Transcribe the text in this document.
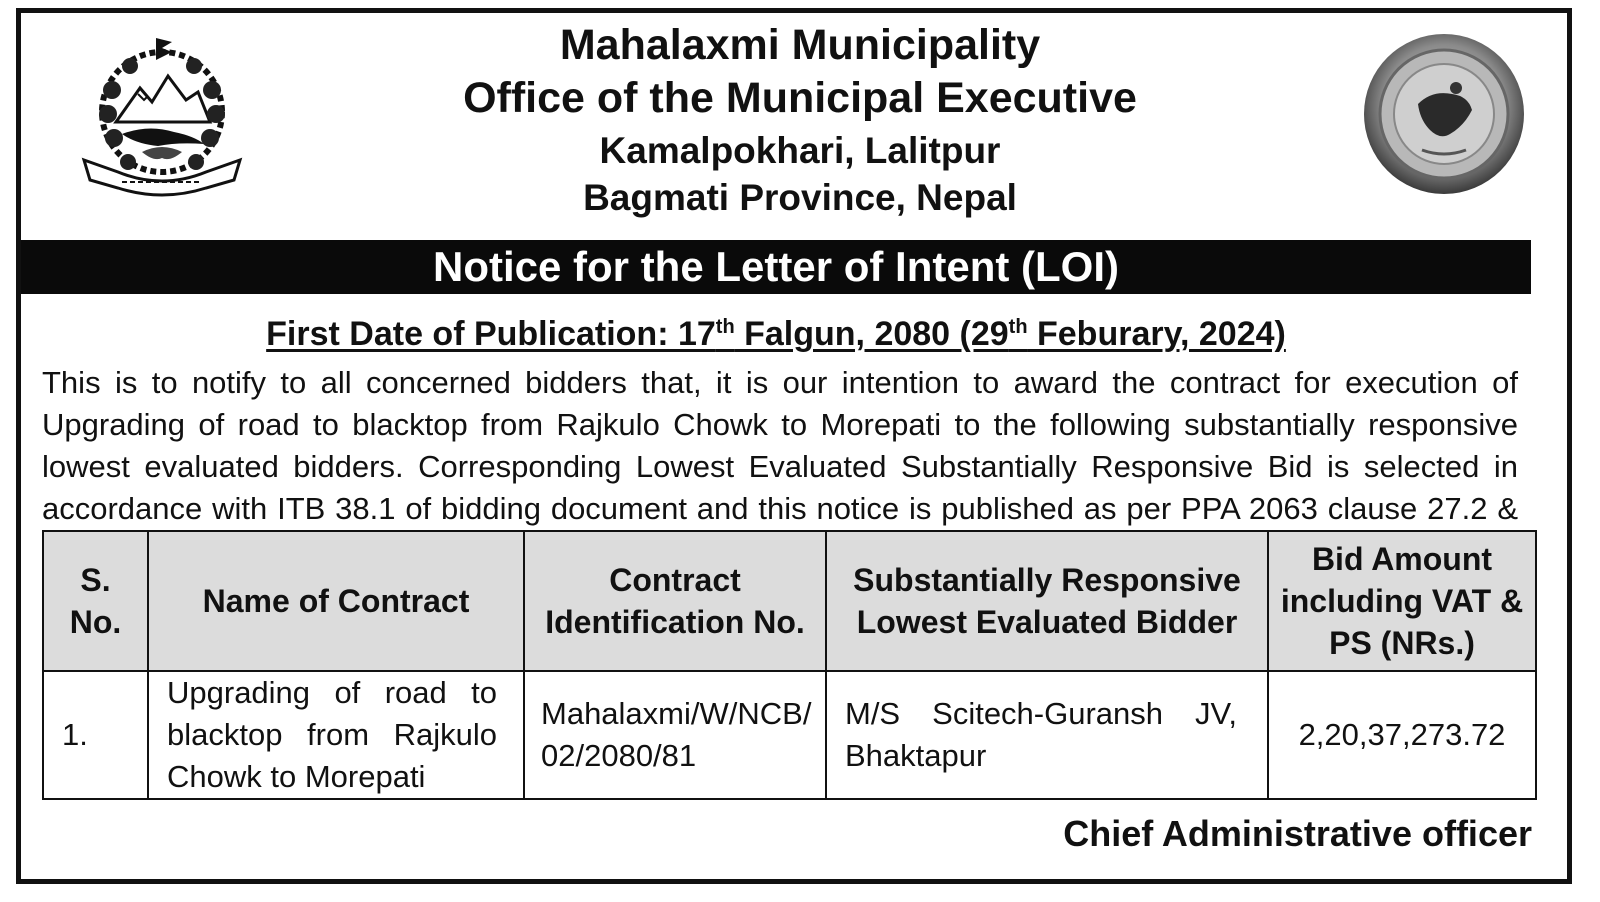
Mahalaxmi Municipality
Office of the Municipal Executive
Kamalpokhari, Lalitpur
Bagmati Province, Nepal
Notice for the Letter of Intent (LOI)
First Date of Publication: 17th Falgun, 2080 (29th Feburary, 2024)
This is to notify to all concerned bidders that, it is our intention to award the contract for execution of Upgrading of road to blacktop from Rajkulo Chowk to Morepati to the following substantially responsive lowest evaluated bidders. Corresponding Lowest Evaluated Substantially Responsive Bid is selected in accordance with ITB 38.1 of bidding document and this notice is published as per PPA 2063 clause 27.2 &
S. No.	Name of Contract	Contract Identification No.	Substantially Responsive Lowest Evaluated Bidder	Bid Amount including VAT & PS (NRs.)
1.	Upgrading of road to blacktop from Rajkulo Chowk to Morepati	Mahalaxmi/W/NCB/ 02/2080/81	M/S Scitech-Guransh JV, Bhaktapur	2,20,37,273.72
Chief Administrative officer
